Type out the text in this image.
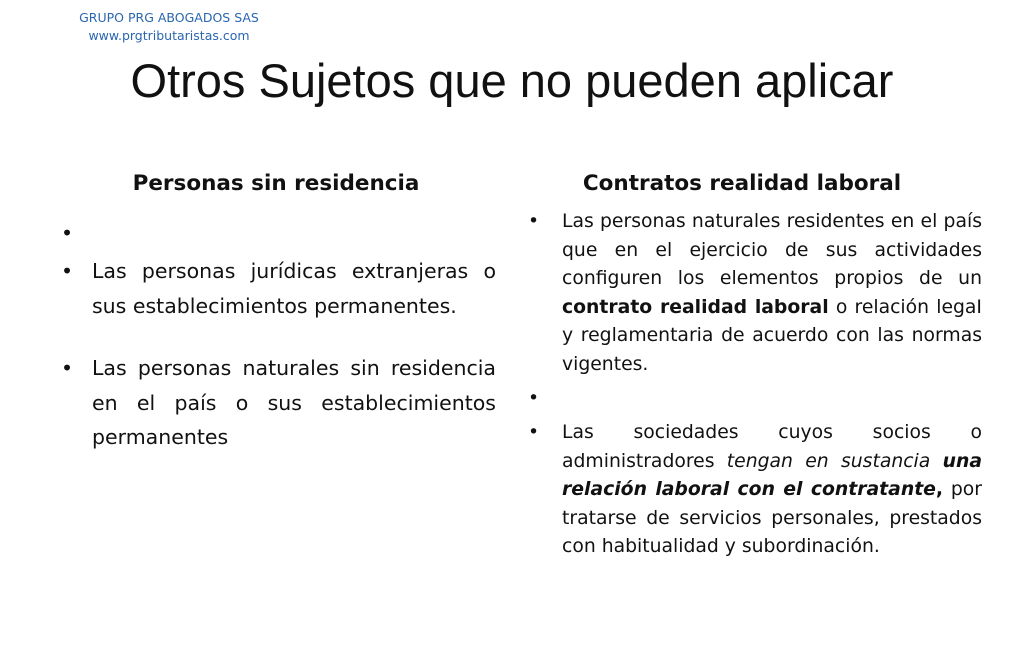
GRUPO PRG ABOGADOS SAS
www.prgtributaristas.com
Otros Sujetos que no pueden aplicar
Personas sin residencia	Contratos realidad laboral
•
• Las personas jurídicas extranjeras o sus establecimientos permanentes.
• Las personas naturales sin residencia en el país o sus establecimientos permanentes
• Las personas naturales residentes en el país que en el ejercicio de sus actividades configuren los elementos propios de un contrato realidad laboral o relación legaI y reglamentaria de acuerdo con las normas vigentes.
•
• Las sociedades cuyos socios o administradores tengan en sustancia una relación laboral con el contratante, por tratarse de servicios personales, prestados con habitualidad y subordinación.
